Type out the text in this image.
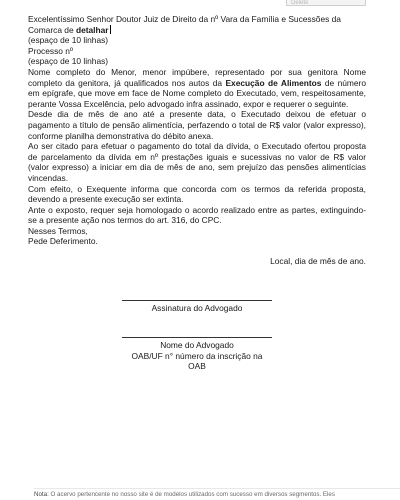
Delete

Excelentíssimo Senhor Doutor Juiz de Direito da nº Vara da Família e Sucessões da Comarca de detalhar

(espaço de 10 linhas)

Processo nº

(espaço de 10 linhas)

Nome completo do Menor, menor impúbere, representado por sua genitora Nome completo da genitora, já qualificados nos autos da Execução de Alimentos de número em epígrafe, que move em face de Nome completo do Executado, vem, respeitosamente, perante Vossa Excelência, pelo advogado infra assinado, expor e requerer o seguinte.

Desde dia de mês de ano até a presente data, o Executado deixou de efetuar o pagamento a título de pensão alimentícia, perfazendo o total de R$ valor (valor expresso), conforme planilha demonstrativa do débito anexa.

Ao ser citado para efetuar o pagamento do total da dívida, o Executado ofertou proposta de parcelamento da dívida em nº prestações iguais e sucessivas no valor de R$ valor (valor expresso) a iniciar em dia de mês de ano, sem prejuízo das pensões alimentícias vincendas.

Com efeito, o Exequente informa que concorda com os termos da referida proposta, devendo a presente execução ser extinta.

Ante o exposto, requer seja homologado o acordo realizado entre as partes, extinguindo-se a presente ação nos termos do art. 316, do CPC.

Nesses Termos,

Pede Deferimento.

Local, dia de mês de ano.

Assinatura do Advogado

Nome do Advogado

OAB/UF n° número da inscrição na OAB

Nota: O acervo pertencente no nosso site é de modelos utilizados com sucesso em diversos segmentos. Eles
